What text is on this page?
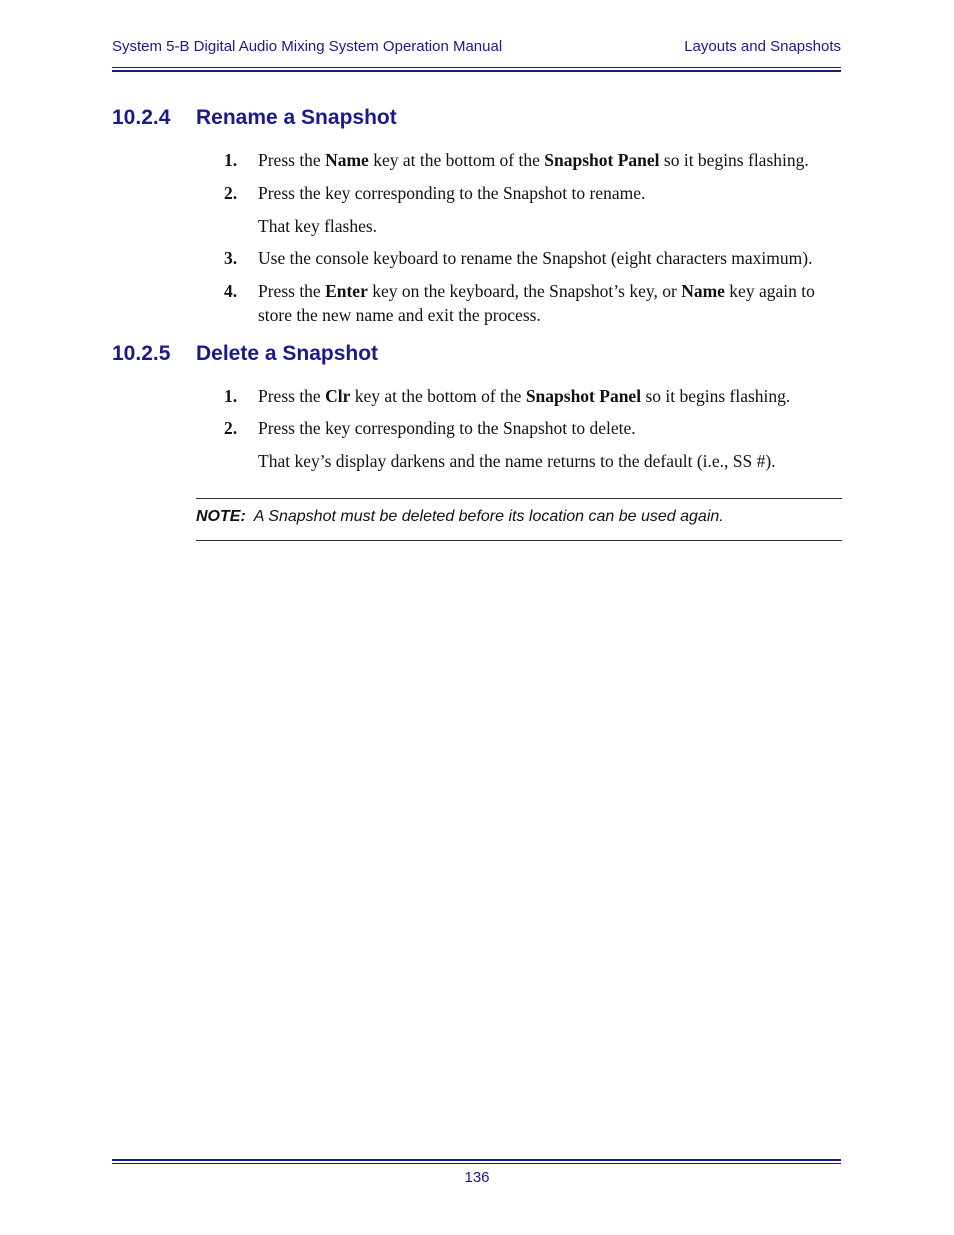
System 5-B Digital Audio Mixing System Operation Manual	Layouts and Snapshots
10.2.4 Rename a Snapshot
1. Press the Name key at the bottom of the Snapshot Panel so it begins flashing.
2. Press the key corresponding to the Snapshot to rename.
That key flashes.
3. Use the console keyboard to rename the Snapshot (eight characters maximum).
4. Press the Enter key on the keyboard, the Snapshot’s key, or Name key again to store the new name and exit the process.
10.2.5 Delete a Snapshot
1. Press the Clr key at the bottom of the Snapshot Panel so it begins flashing.
2. Press the key corresponding to the Snapshot to delete.
That key’s display darkens and the name returns to the default (i.e., SS #).
NOTE: A Snapshot must be deleted before its location can be used again.
136
